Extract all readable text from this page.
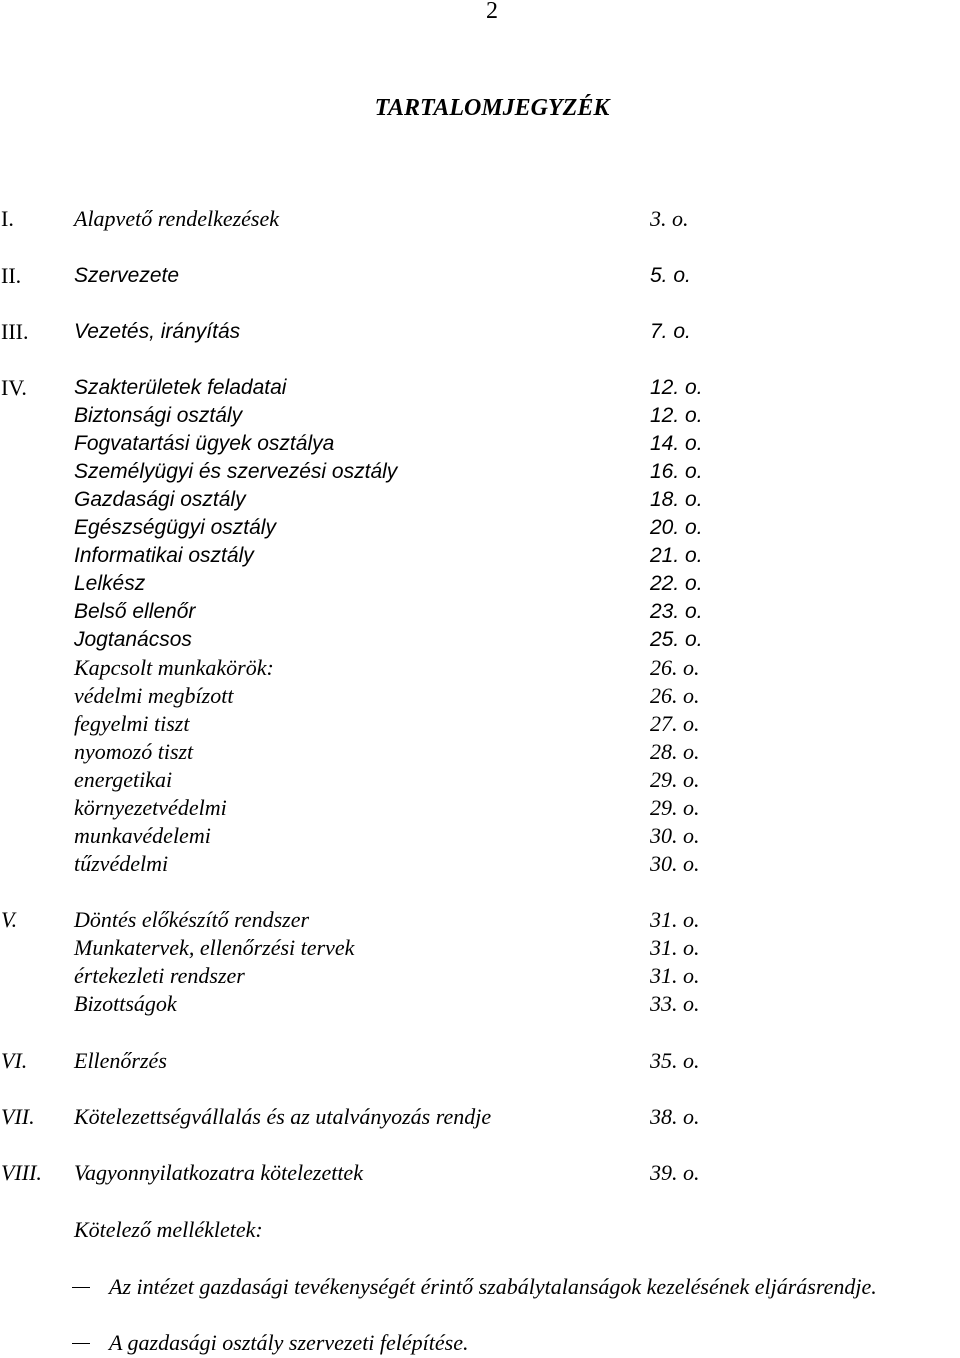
2
TARTALOMJEGYZÉK
I.	Alapvető rendelkezések	3. o.
II.	Szervezete	5. o.
III. Vezetés, irányítás	7. o.
IV. Szakterületek feladatai	12. o.
Biztonsági osztály	12. o.
Fogvatartási ügyek osztálya	14. o.
Személyügyi és szervezési osztály	16. o.
Gazdasági osztály	18. o.
Egészségügyi osztály	20. o.
Informatikai osztály	21. o.
Lelkész	22. o.
Belső ellenőr	23. o.
Jogtanácsos	25. o.
Kapcsolt munkakörök:	26. o.
védelmi megbízott	26. o.
fegyelmi tiszt	27. o.
nyomozó tiszt	28. o.
energetikai	29. o.
környezetvédelmi	29. o.
munkavédelemi	30. o.
tűzvédelmi	30. o.
V.	Döntés előkészítő rendszer	31. o.
Munkatervek, ellenőrzési tervek	31. o.
értekezleti rendszer	31. o.
Bizottságok	33. o.
VI. Ellenőrzés	35. o.
VII. Kötelezettségvállalás és az utalványozás rendje	38. o.
VIII. Vagyonnyilatkozatra kötelezettek	39. o.
Kötelező mellékletek:
Az intézet gazdasági tevékenységét érintő szabálytalanságok kezelésének eljárásrendje.
A gazdasági osztály szervezeti felépítése.
